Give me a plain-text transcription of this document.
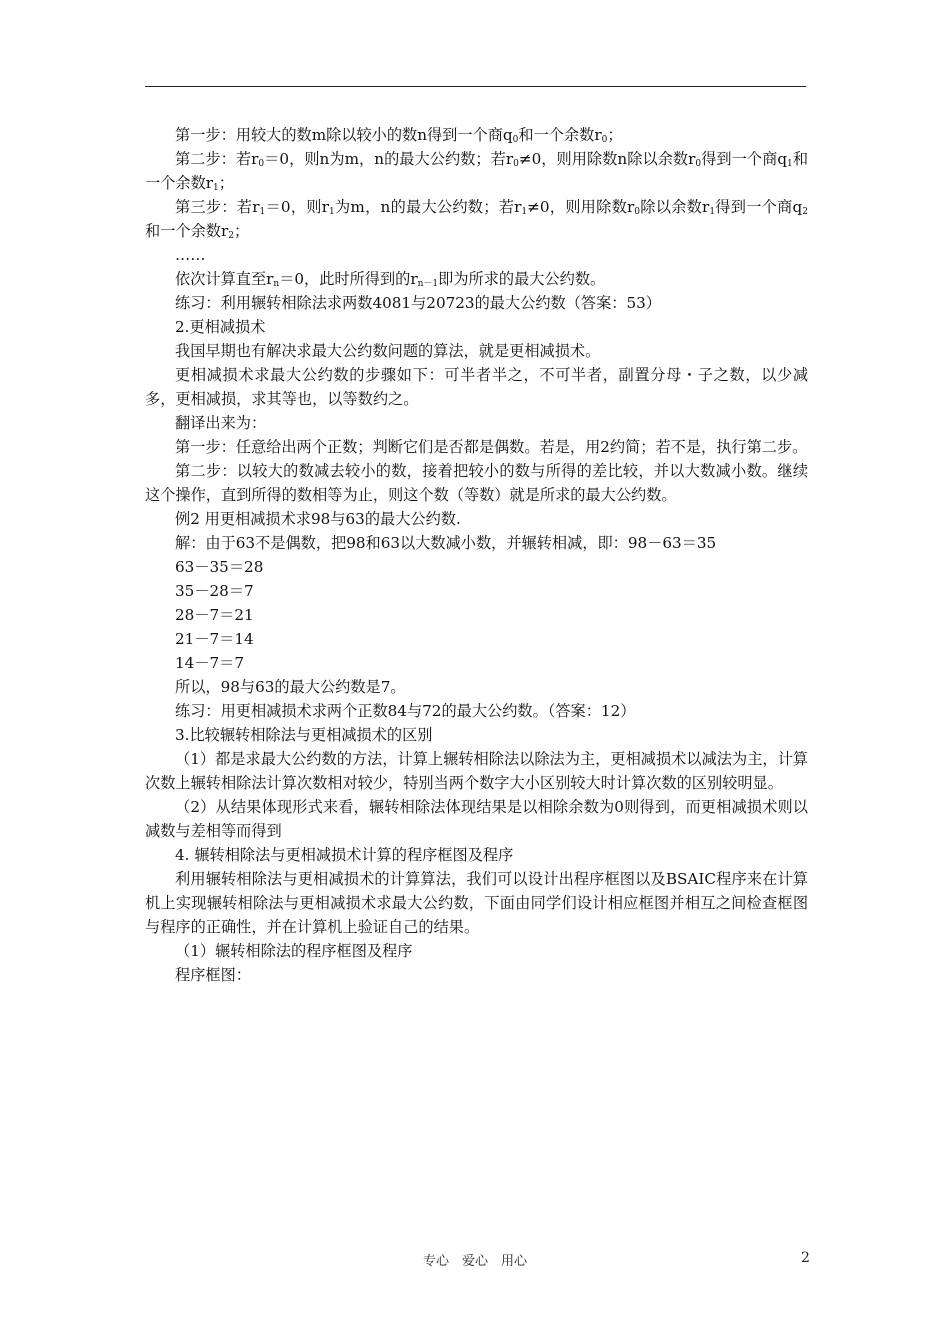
第一步：用较大的数m除以较小的数n得到一个商$q_0$和一个余数$r_0$；

第二步：若$r_0=0$，则n为m，n的最大公约数；若$r_0\ne 0$，则用除数n除以余数$r_0$得到一个商$q_1$和一个余数$r_1$；

第三步：若$r_1=0$，则$r_1$为m，n的最大公约数；若$r_1\ne 0$，则用除数$r_0$除以余数$r_1$得到一个商$q_2$和一个余数$r_2$；

……

依次计算直至$r_n=0$，此时所得到的$r_{n-1}$即为所求的最大公约数。

练习：利用辗转相除法求两数4081与20723的最大公约数（答案：53）

2.更相减损术

我国早期也有解决求最大公约数问题的算法，就是更相减损术。

更相减损术求最大公约数的步骤如下：可半者半之，不可半者，副置分母・子之数，以少减多，更相减损，求其等也，以等数约之。

翻译出来为：

第一步：任意给出两个正数；判断它们是否都是偶数。若是，用2约简；若不是，执行第二步。

第二步：以较大的数减去较小的数，接着把较小的数与所得的差比较，并以大数减小数。继续这个操作，直到所得的数相等为止，则这个数（等数）就是所求的最大公约数。

例2 用更相减损术求98与63的最大公约数.

解：由于63不是偶数，把98和63以大数减小数，并辗转相减，即：98－63＝35

63－35＝28

35－28＝7

28－7＝21

21－7＝14

14－7＝7

所以，98与63的最大公约数是7。

练习：用更相减损术求两个正数84与72的最大公约数。（答案：12）

3.比较辗转相除法与更相减损术的区别

（1）都是求最大公约数的方法，计算上辗转相除法以除法为主，更相减损术以减法为主，计算次数上辗转相除法计算次数相对较少，特别当两个数字大小区别较大时计算次数的区别较明显。

（2）从结果体现形式来看，辗转相除法体现结果是以相除余数为0则得到，而更相减损术则以减数与差相等而得到

4. 辗转相除法与更相减损术计算的程序框图及程序

利用辗转相除法与更相减损术的计算算法，我们可以设计出程序框图以及BSAIC程序来在计算机上实现辗转相除法与更相减损术求最大公约数，下面由同学们设计相应框图并相互之间检查框图与程序的正确性，并在计算机上验证自己的结果。

（1）辗转相除法的程序框图及程序

程序框图：

专心　爱心　用心	2
